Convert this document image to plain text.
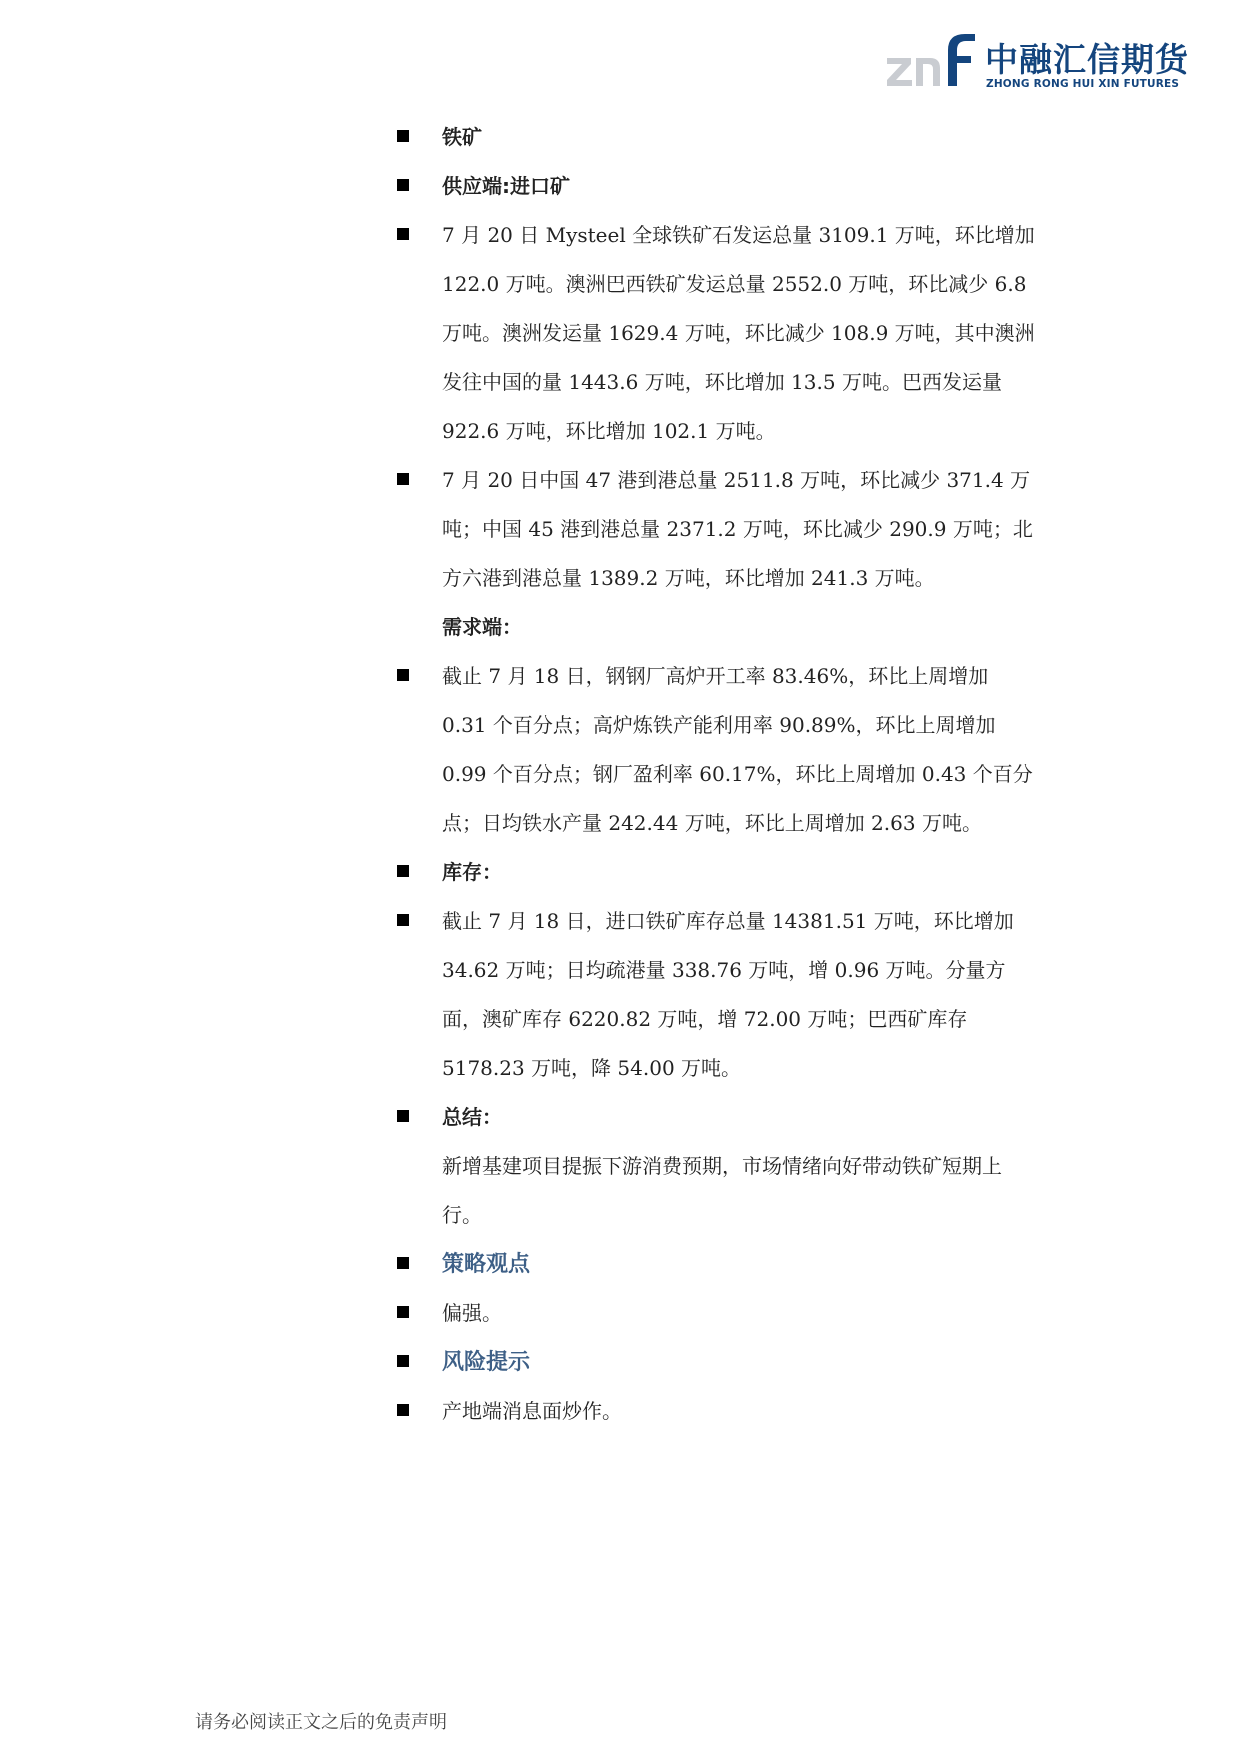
中融汇信期货
ZHONG RONG HUI XIN FUTURES
铁矿
供应端:进口矿
7 月 20 日 Mysteel 全球铁矿石发运总量 3109.1 万吨，环比增加 122.0 万吨。澳洲巴西铁矿发运总量 2552.0 万吨，环比减少 6.8 万吨。澳洲发运量 1629.4 万吨，环比减少 108.9 万吨，其中澳洲发往中国的量 1443.6 万吨，环比增加 13.5 万吨。巴西发运量 922.6 万吨，环比增加 102.1 万吨。
7 月 20 日中国 47 港到港总量 2511.8 万吨，环比减少 371.4 万吨；中国 45 港到港总量 2371.2 万吨，环比减少 290.9 万吨；北方六港到港总量 1389.2 万吨，环比增加 241.3 万吨。
需求端：
截止 7 月 18 日，钢钢厂高炉开工率 83.46%，环比上周增加 0.31 个百分点；高炉炼铁产能利用率 90.89%，环比上周增加 0.99 个百分点；钢厂盈利率 60.17%，环比上周增加 0.43 个百分点；日均铁水产量 242.44 万吨，环比上周增加 2.63 万吨。
库存：
截止 7 月 18 日，进口铁矿库存总量 14381.51 万吨，环比增加 34.62 万吨；日均疏港量 338.76 万吨，增 0.96 万吨。分量方面，澳矿库存 6220.82 万吨，增 72.00 万吨；巴西矿库存 5178.23 万吨，降 54.00 万吨。
总结：
新增基建项目提振下游消费预期，市场情绪向好带动铁矿短期上行。
策略观点
偏强。
风险提示
产地端消息面炒作。
请务必阅读正文之后的免责声明
